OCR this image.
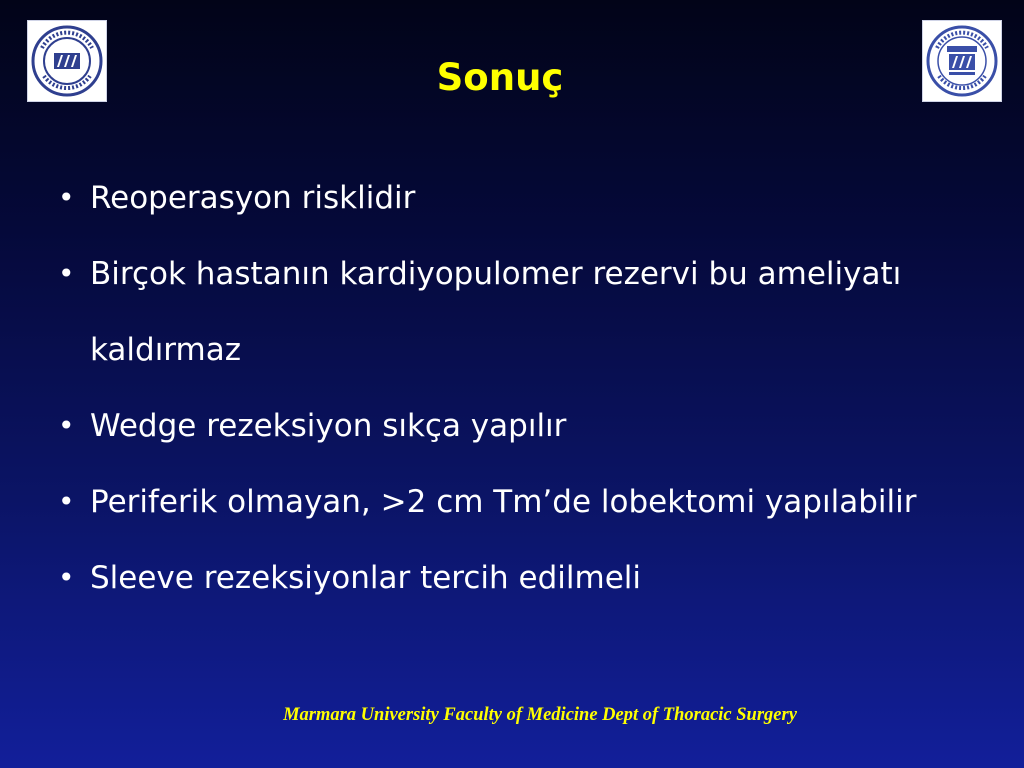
Sonuç
• Reoperasyon risklidir
• Birçok hastanın kardiyopulomer rezervi bu ameliyatı kaldırmaz
• Wedge rezeksiyon sıkça yapılır
• Periferik olmayan, >2 cm Tm’de lobektomi yapılabilir
• Sleeve rezeksiyonlar tercih edilmeli
Marmara University Faculty of Medicine Dept of Thoracic Surgery
